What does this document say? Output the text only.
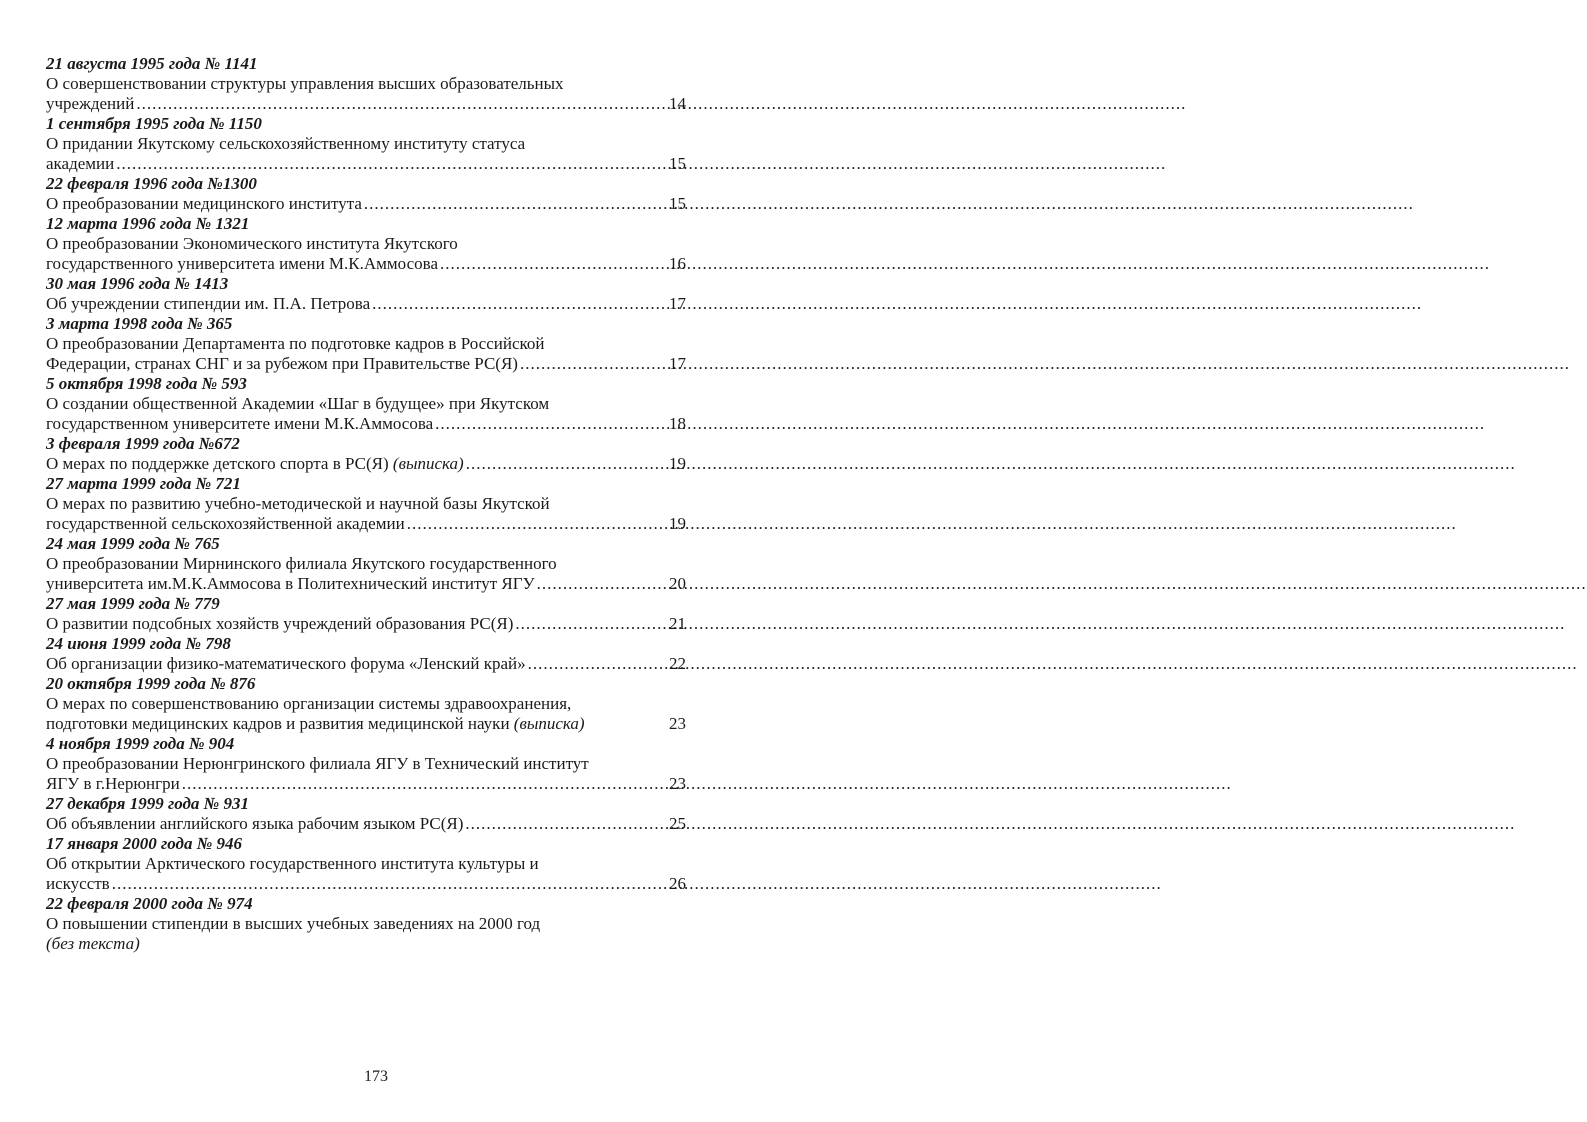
21 августа 1995 года № 1141
О совершенствовании структуры управления высших образовательных
учреждений .....	14
1 сентября 1995 года № 1150
О придании Якутскому сельскохозяйственному институту статуса
академии .....	15
22 февраля 1996 года №1300
О преобразовании медицинского института .....	15
12 марта 1996 года № 1321
О преобразовании Экономического института Якутского
государственного университета имени М.К.Аммосова .....	16
30 мая 1996 года № 1413
Об учреждении стипендии им. П.А. Петрова .....	17
3 марта 1998 года № 365
О преобразовании Департамента по подготовке кадров в Российской
Федерации, странах СНГ и за рубежом при Правительстве РС(Я) .....	17
5 октября 1998 года № 593
О создании общественной Академии «Шаг в будущее» при Якутском
государственном университете имени М.К.Аммосова .....	18
3 февраля 1999 года №672
О мерах по поддержке детского спорта в РС(Я) (выписка) .....	19
27 марта 1999 года № 721
О мерах по развитию учебно-методической и научной базы Якутской
государственной сельскохозяйственной академии .....	19
24 мая 1999 года № 765
О преобразовании Мирнинского филиала Якутского государственного
университета им.М.К.Аммосова в Политехнический институт ЯГУ .....	20
27 мая 1999 года № 779
О развитии подсобных хозяйств учреждений образования РС(Я) .....	21
24 июня 1999 года № 798
Об организации физико-математического форума «Ленский край» .....	22
20 октября 1999 года № 876
О мерах по совершенствованию организации системы здравоохранения,
подготовки медицинских кадров и развития медицинской науки (выписка)	23
4 ноября 1999 года № 904
О преобразовании Нерюнгринского филиала ЯГУ в Технический институт
ЯГУ в г.Нерюнгри .....	23
27 декабря 1999 года № 931
Об объявлении английского языка рабочим языком РС(Я) .....	25
17 января 2000 года № 946
Об открытии Арктического государственного института культуры и
искусств .....	26
22 февраля 2000 года № 974
О повышении стипендии в высших учебных заведениях на 2000 год
(без текста)
173
